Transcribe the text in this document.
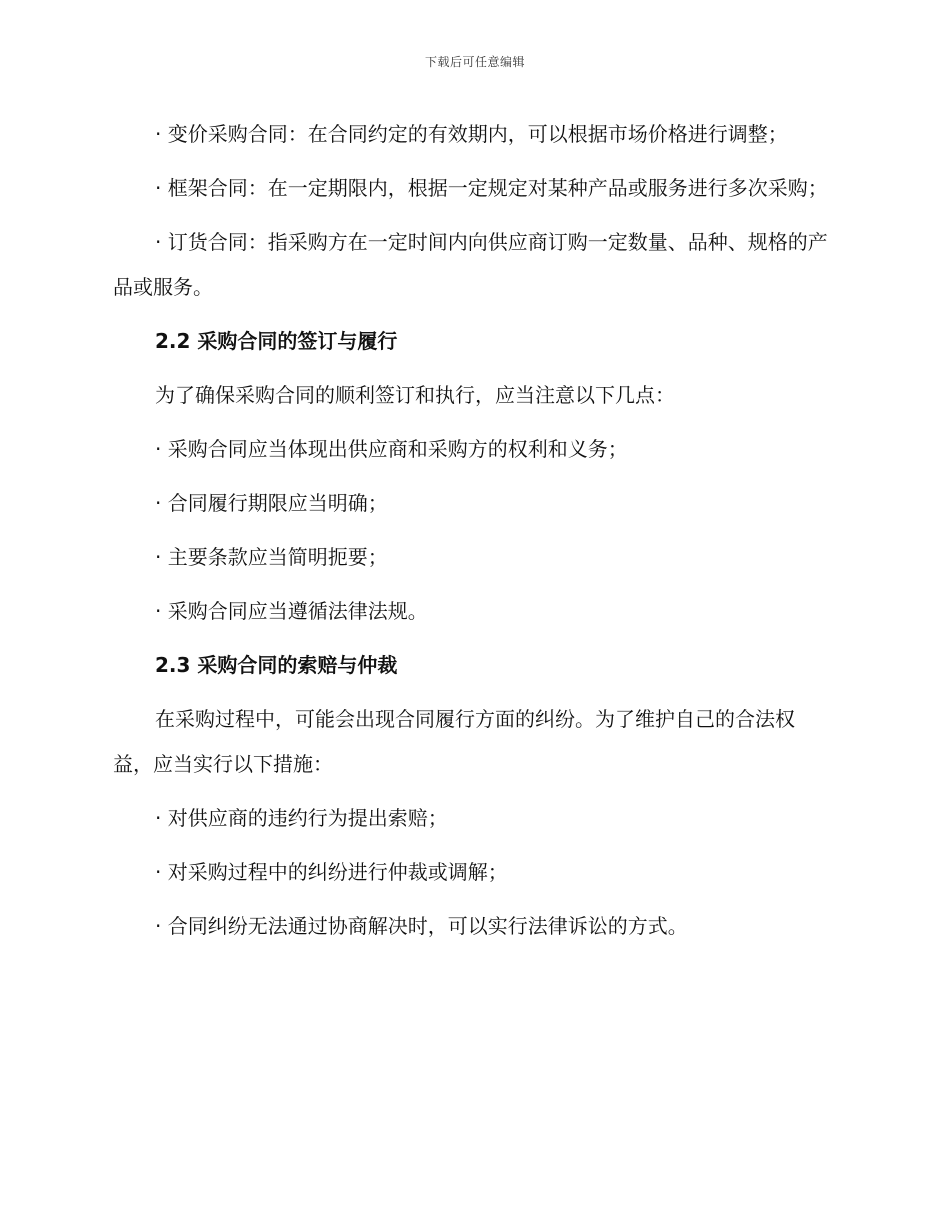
下载后可任意编辑

· 变价采购合同：在合同约定的有效期内，可以根据市场价格进行调整；

· 框架合同：在一定期限内，根据一定规定对某种产品或服务进行多次采购；

· 订货合同：指采购方在一定时间内向供应商订购一定数量、品种、规格的产品或服务。

2.2 采购合同的签订与履行

为了确保采购合同的顺利签订和执行，应当注意以下几点：

· 采购合同应当体现出供应商和采购方的权利和义务；

· 合同履行期限应当明确；

· 主要条款应当简明扼要；

· 采购合同应当遵循法律法规。

2.3 采购合同的索赔与仲裁

在采购过程中，可能会出现合同履行方面的纠纷。为了维护自己的合法权益，应当实行以下措施：

· 对供应商的违约行为提出索赔；

· 对采购过程中的纠纷进行仲裁或调解；

· 合同纠纷无法通过协商解决时，可以实行法律诉讼的方式。
